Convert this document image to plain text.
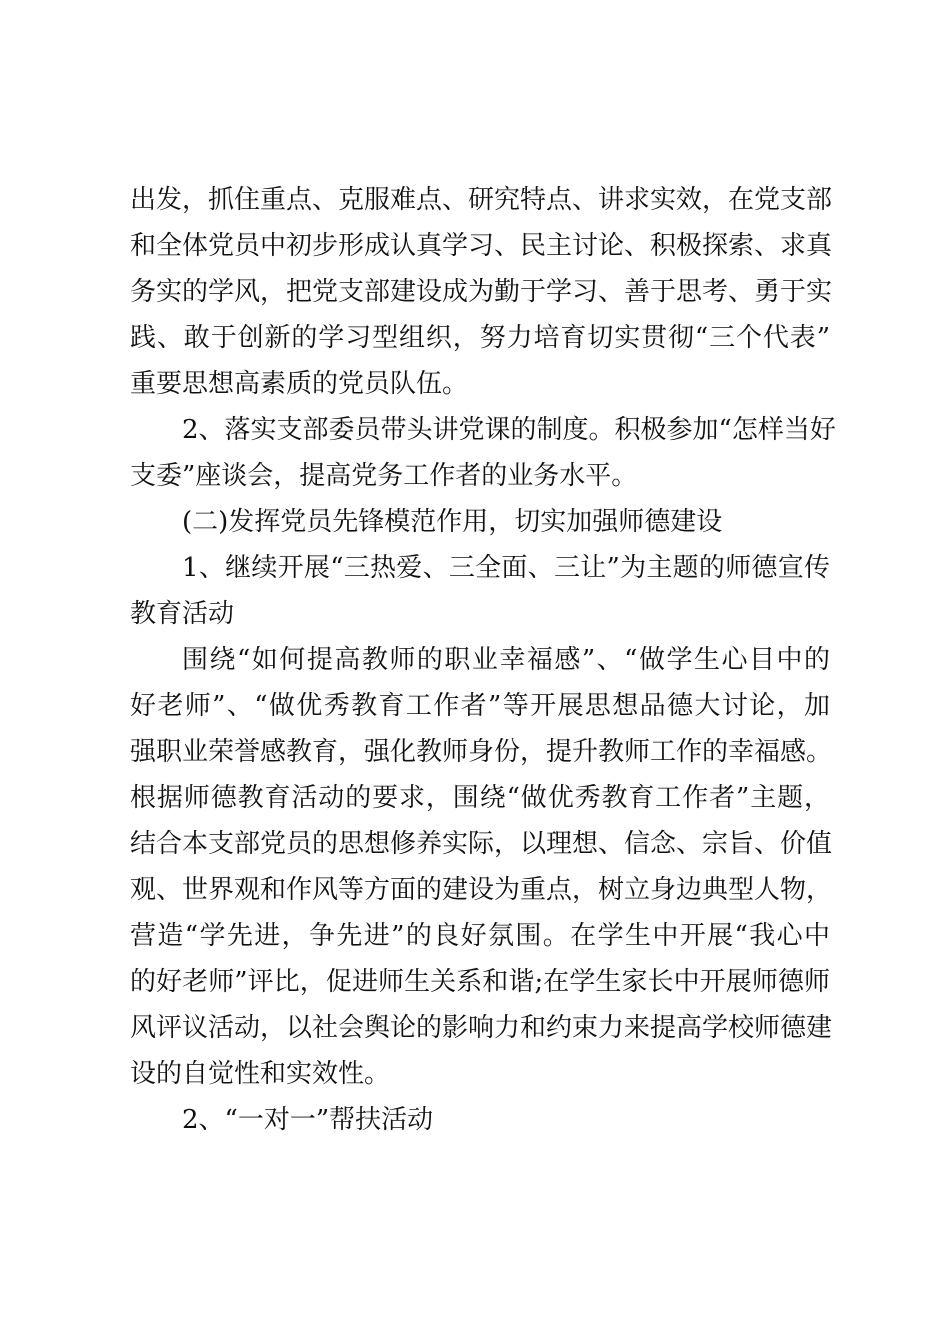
出发，抓住重点、克服难点、研究特点、讲求实效，在党支部
和全体党员中初步形成认真学习、民主讨论、积极探索、求真
务实的学风，把党支部建设成为勤于学习、善于思考、勇于实
践、敢于创新的学习型组织，努力培育切实贯彻“三个代表”
重要思想高素质的党员队伍。
2、落实支部委员带头讲党课的制度。积极参加“怎样当好
支委”座谈会，提高党务工作者的业务水平。
(二)发挥党员先锋模范作用，切实加强师德建设
1、继续开展“三热爱、三全面、三让”为主题的师德宣传
教育活动
围绕“如何提高教师的职业幸福感”、“做学生心目中的
好老师”、“做优秀教育工作者”等开展思想品德大讨论，加
强职业荣誉感教育，强化教师身份，提升教师工作的幸福感。
根据师德教育活动的要求，围绕“做优秀教育工作者”主题，
结合本支部党员的思想修养实际，以理想、信念、宗旨、价值
观、世界观和作风等方面的建设为重点，树立身边典型人物，
营造“学先进，争先进”的良好氛围。在学生中开展“我心中
的好老师”评比，促进师生关系和谐;在学生家长中开展师德师
风评议活动，以社会舆论的影响力和约束力来提高学校师德建
设的自觉性和实效性。
2、“一对一”帮扶活动
